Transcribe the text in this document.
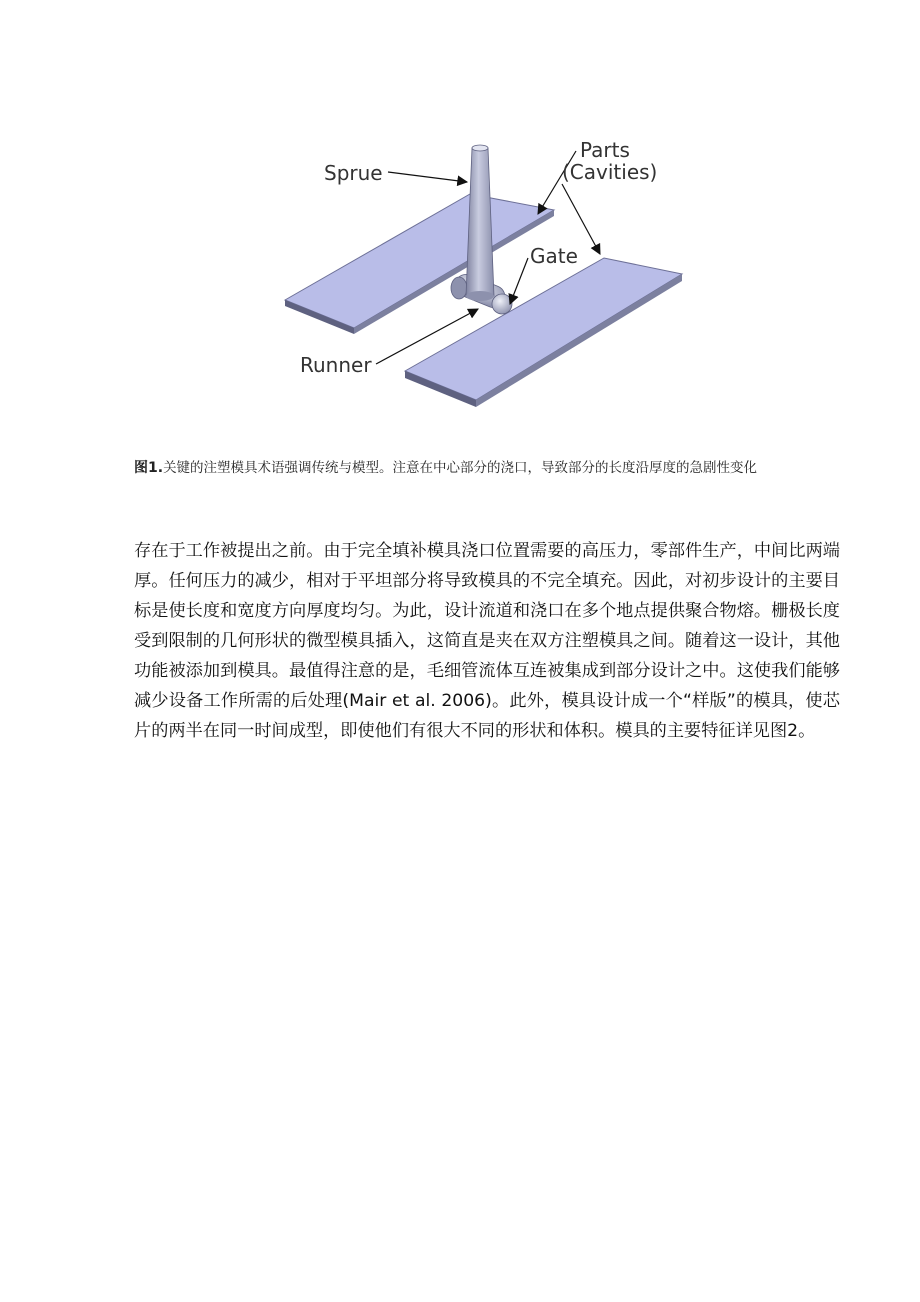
Sprue
Parts
(Cavities)
Gate
Runner
图1.关键的注塑模具术语强调传统与模型。注意在中心部分的浇口，导致部分的长度沿厚度的急剧性变化
存在于工作被提出之前。由于完全填补模具浇口位置需要的高压力，零部件生产，中间比两端厚。任何压力的减少，相对于平坦部分将导致模具的不完全填充。因此，对初步设计的主要目标是使长度和宽度方向厚度均匀。为此，设计流道和浇口在多个地点提供聚合物熔。栅极长度受到限制的几何形状的微型模具插入，这简直是夹在双方注塑模具之间。随着这一设计，其他功能被添加到模具。最值得注意的是，毛细管流体互连被集成到部分设计之中。这使我们能够减少设备工作所需的后处理(Mair et al. 2006)。此外，模具设计成一个“样版”的模具，使芯片的两半在同一时间成型，即使他们有很大不同的形状和体积。模具的主要特征详见图2。
